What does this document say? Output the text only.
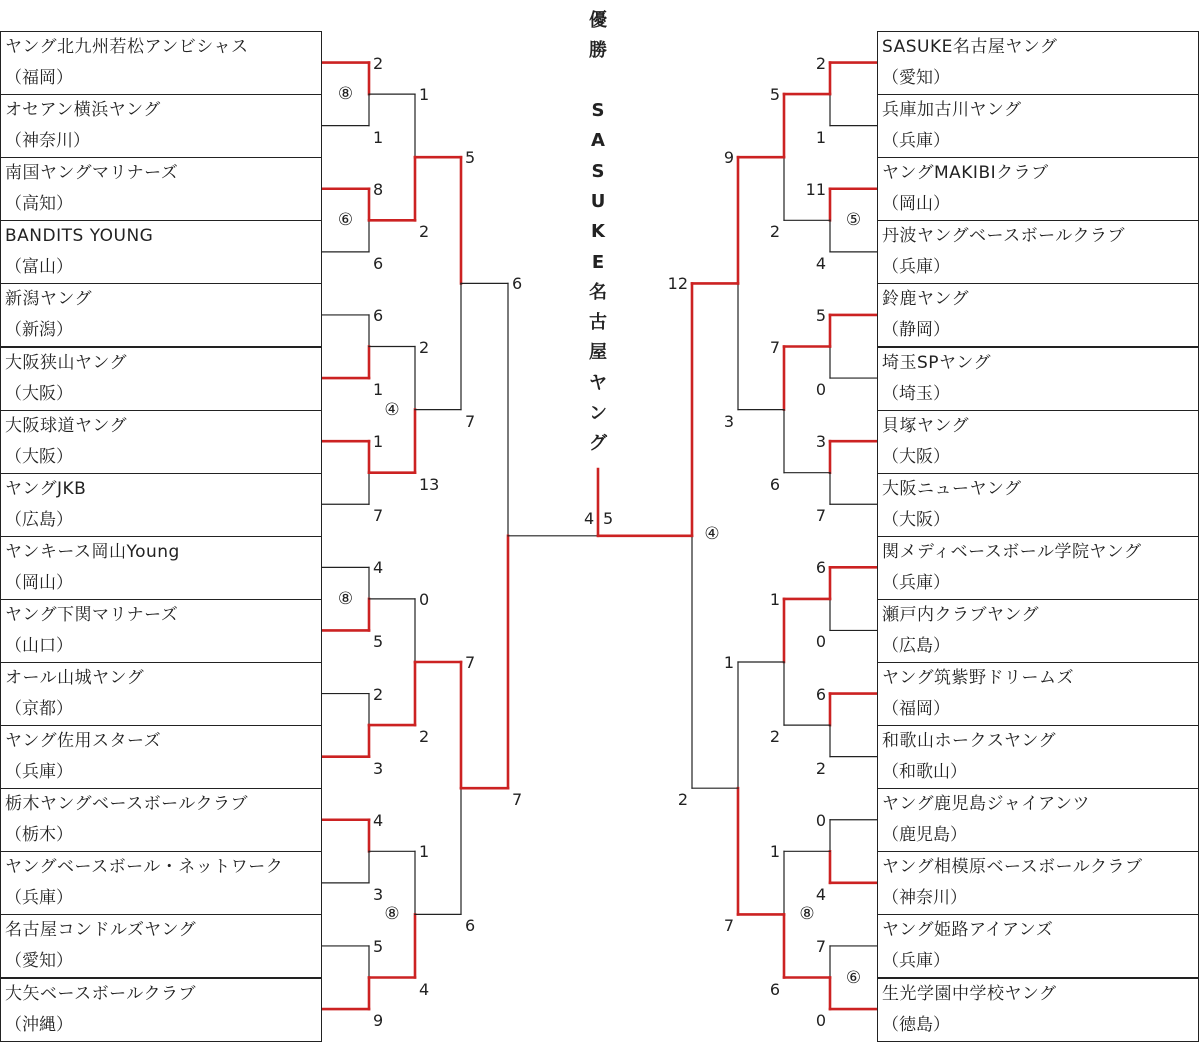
優
勝
S
A
S
U
K
E
名
古
屋
ヤ
ン
グ
ヤング北九州若松アンビシャス
（福岡）
オセアン横浜ヤング
（神奈川）
南国ヤングマリナーズ
（高知）
BANDITS YOUNG
（富山）
新潟ヤング
（新潟）
大阪狭山ヤング
（大阪）
大阪球道ヤング
（大阪）
ヤングJKB
（広島）
ヤンキース岡山Young
（岡山）
ヤング下関マリナーズ
（山口）
オール山城ヤング
（京都）
ヤング佐用スターズ
（兵庫）
栃木ヤングベースボールクラブ
（栃木）
ヤングベースボール・ネットワーク
（兵庫）
名古屋コンドルズヤング
（愛知）
大矢ベースボールクラブ
（沖縄）
2
1
⑧
8
6
⑥
6
1
1
7
4
5
⑧
2
3
4
3
5
9
1
2
2
13
④
0
2
1
4
⑧
5
7
7
6
6
7
SASUKE名古屋ヤング
（愛知）
兵庫加古川ヤング
（兵庫）
ヤングMAKIBIクラブ
（岡山）
丹波ヤングベースボールクラブ
（兵庫）
鈴鹿ヤング
（静岡）
埼玉SPヤング
（埼玉）
貝塚ヤング
（大阪）
大阪ニューヤング
（大阪）
関メディベースボール学院ヤング
（兵庫）
瀬戸内クラブヤング
（広島）
ヤング筑紫野ドリームズ
（福岡）
和歌山ホークスヤング
（和歌山）
ヤング鹿児島ジャイアンツ
（鹿児島）
ヤング相模原ベースボールクラブ
（神奈川）
ヤング姫路アイアンズ
（兵庫）
生光学園中学校ヤング
（徳島）
2
1
11
4
⑤
5
0
3
7
6
0
6
2
0
4
7
0
⑥
5
2
7
6
1
2
1
6
⑧
9
3
1
7
12
2
④
4 5
